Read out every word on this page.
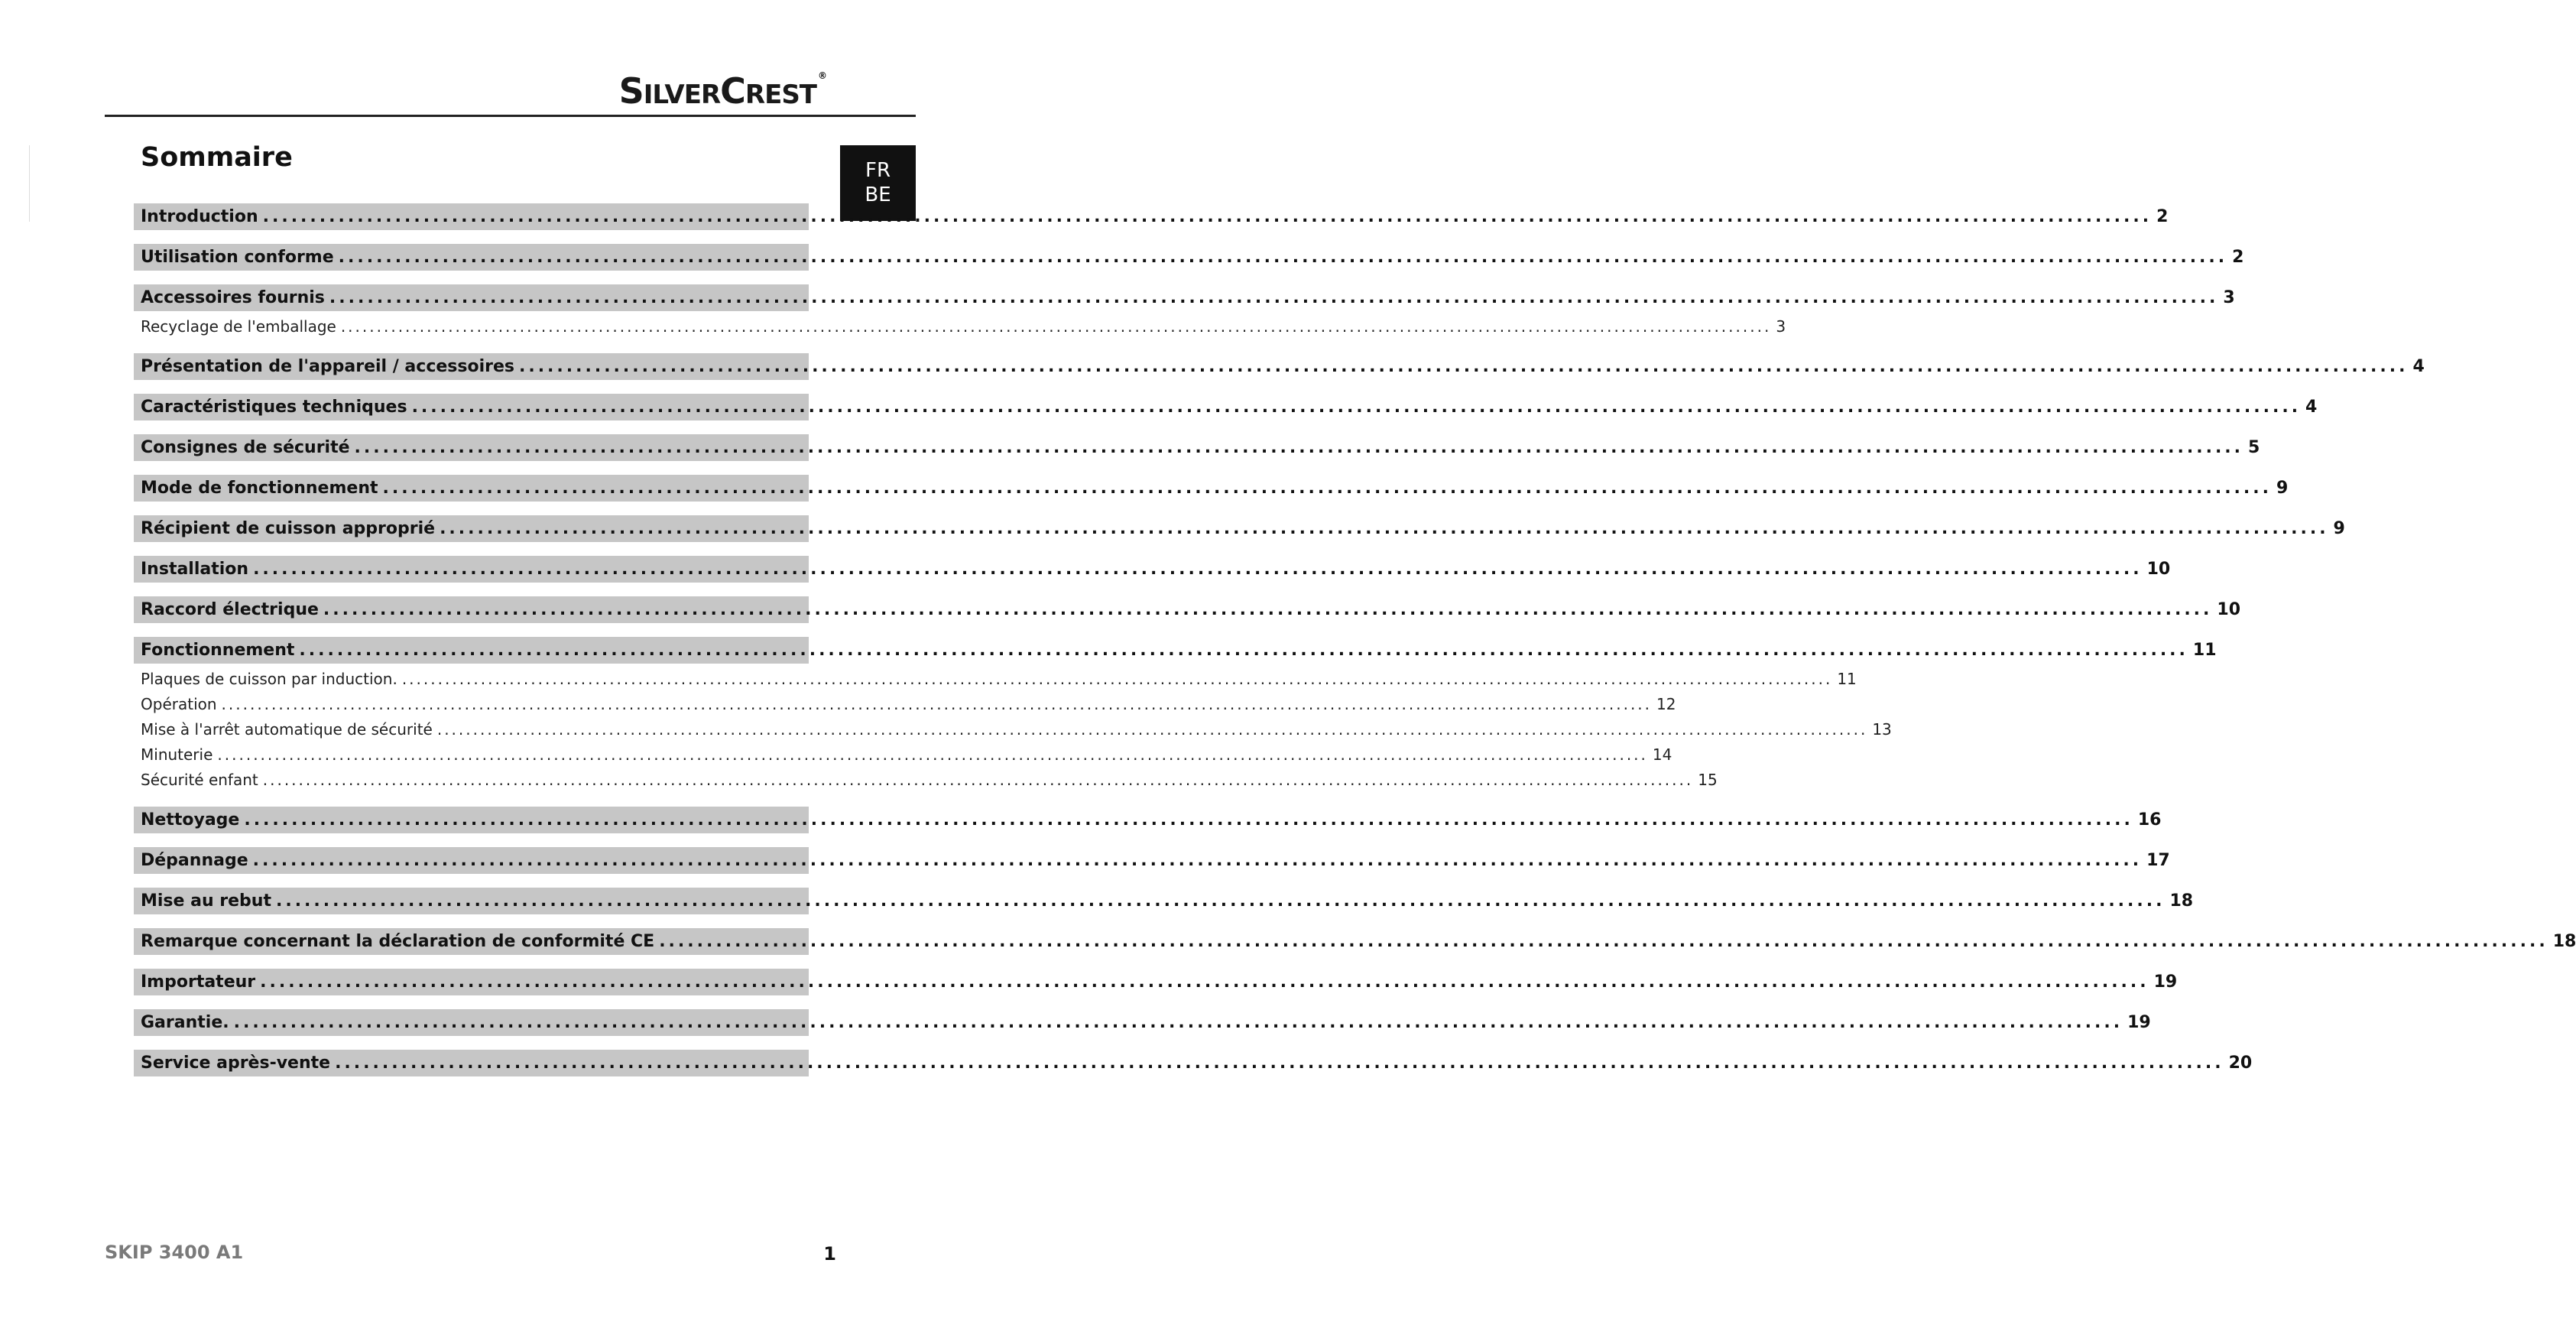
SILVERCREST®
FR
BE
Sommaire
Introduction ........................................................................................................................................................................................................ 2
Utilisation conforme ........................................................................................................................................................................................................ 2
Accessoires fournis ........................................................................................................................................................................................................ 3
Recyclage de l'emballage ........................................................................................................................................................................................................ 3
Présentation de l'appareil / accessoires ........................................................................................................................................................................................................ 4
Caractéristiques techniques ........................................................................................................................................................................................................ 4
Consignes de sécurité ........................................................................................................................................................................................................ 5
Mode de fonctionnement ........................................................................................................................................................................................................ 9
Récipient de cuisson approprié ........................................................................................................................................................................................................ 9
Installation ........................................................................................................................................................................................................ 10
Raccord électrique ........................................................................................................................................................................................................ 10
Fonctionnement ........................................................................................................................................................................................................ 11
Plaques de cuisson par induction. ........................................................................................................................................................................................................ 11
Opération ........................................................................................................................................................................................................ 12
Mise à l'arrêt automatique de sécurité ........................................................................................................................................................................................................ 13
Minuterie ........................................................................................................................................................................................................ 14
Sécurité enfant ........................................................................................................................................................................................................ 15
Nettoyage ........................................................................................................................................................................................................ 16
Dépannage ........................................................................................................................................................................................................ 17
Mise au rebut ........................................................................................................................................................................................................ 18
Remarque concernant la déclaration de conformité CE ........................................................................................................................................................................................................ 18
Importateur ........................................................................................................................................................................................................ 19
Garantie. ........................................................................................................................................................................................................ 19
Service après-vente ........................................................................................................................................................................................................ 20
SKIP 3400 A1	1
